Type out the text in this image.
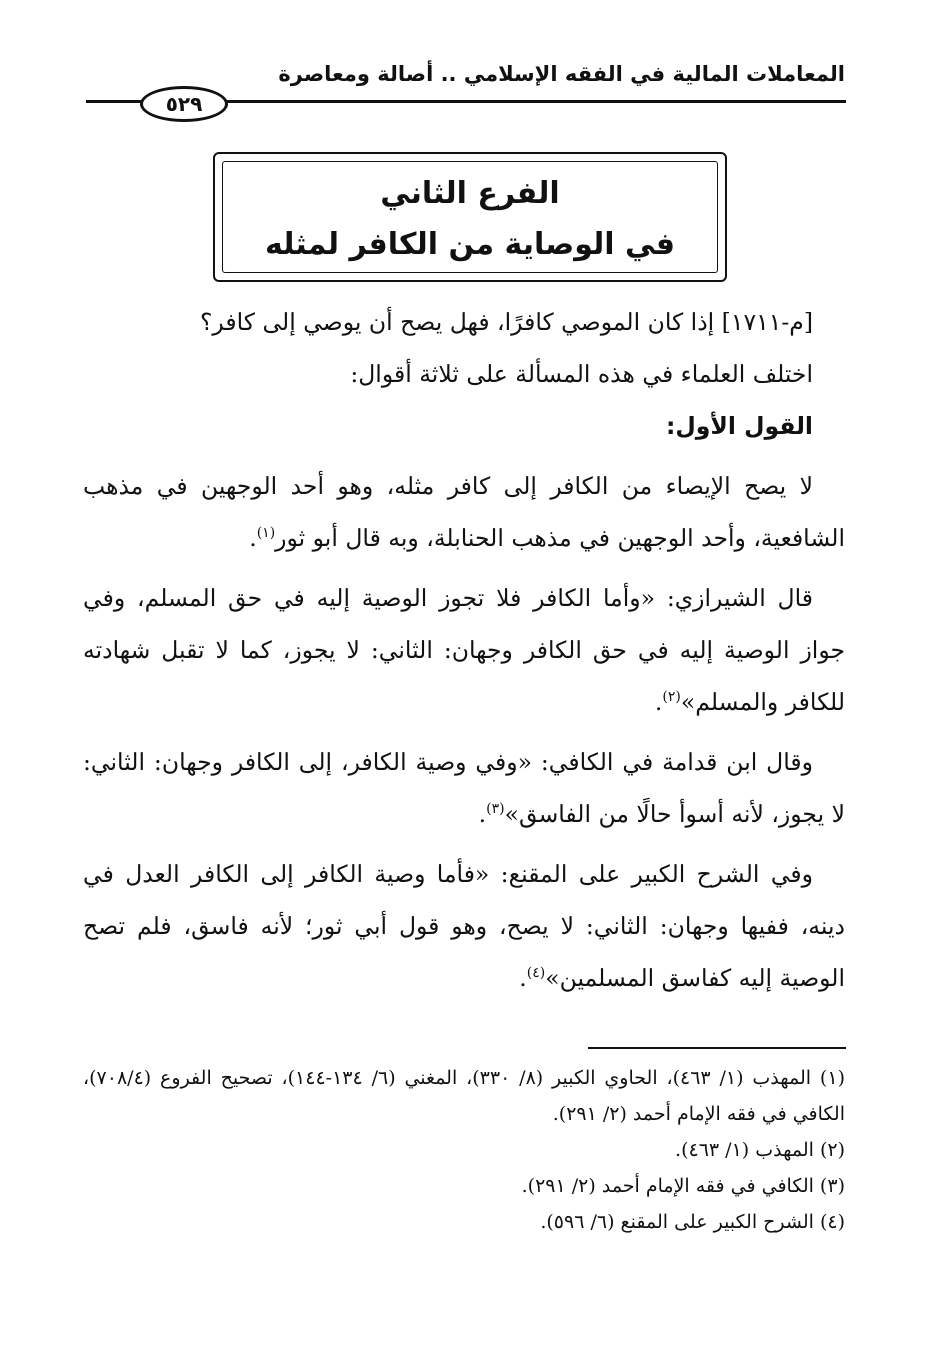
المعاملات المالية في الفقه الإسلامي .. أصالة ومعاصرة
٥٢٩
الفرع الثاني
في الوصاية من الكافر لمثله

[م-١٧١١] إذا كان الموصي كافرًا، فهل يصح أن يوصي إلى كافر؟

اختلف العلماء في هذه المسألة على ثلاثة أقوال:

القول الأول:

لا يصح الإيصاء من الكافر إلى كافر مثله، وهو أحد الوجهين في مذهب الشافعية، وأحد الوجهين في مذهب الحنابلة، وبه قال أبو ثور$^{(١)}$.

قال الشيرازي: «وأما الكافر فلا تجوز الوصية إليه في حق المسلم، وفي جواز الوصية إليه في حق الكافر وجهان: الثاني: لا يجوز، كما لا تقبل شهادته للكافر والمسلم»$^{(٢)}$.

وقال ابن قدامة في الكافي: «وفي وصية الكافر، إلى الكافر وجهان: الثاني: لا يجوز، لأنه أسوأ حالًا من الفاسق»$^{(٣)}$.

وفي الشرح الكبير على المقنع: «فأما وصية الكافر إلى الكافر العدل في دينه، ففيها وجهان: الثاني: لا يصح، وهو قول أبي ثور؛ لأنه فاسق، فلم تصح الوصية إليه كفاسق المسلمين»$^{(٤)}$.

(١) المهذب (١/ ٤٦٣)، الحاوي الكبير (٨/ ٣٣٠)، المغني (٦/ ١٣٤-١٤٤)، تصحيح الفروع (٧٠٨/٤)، الكافي في فقه الإمام أحمد (٢/ ٢٩١).

(٢) المهذب (١/ ٤٦٣).

(٣) الكافي في فقه الإمام أحمد (٢/ ٢٩١).

(٤) الشرح الكبير على المقنع (٦/ ٥٩٦).
